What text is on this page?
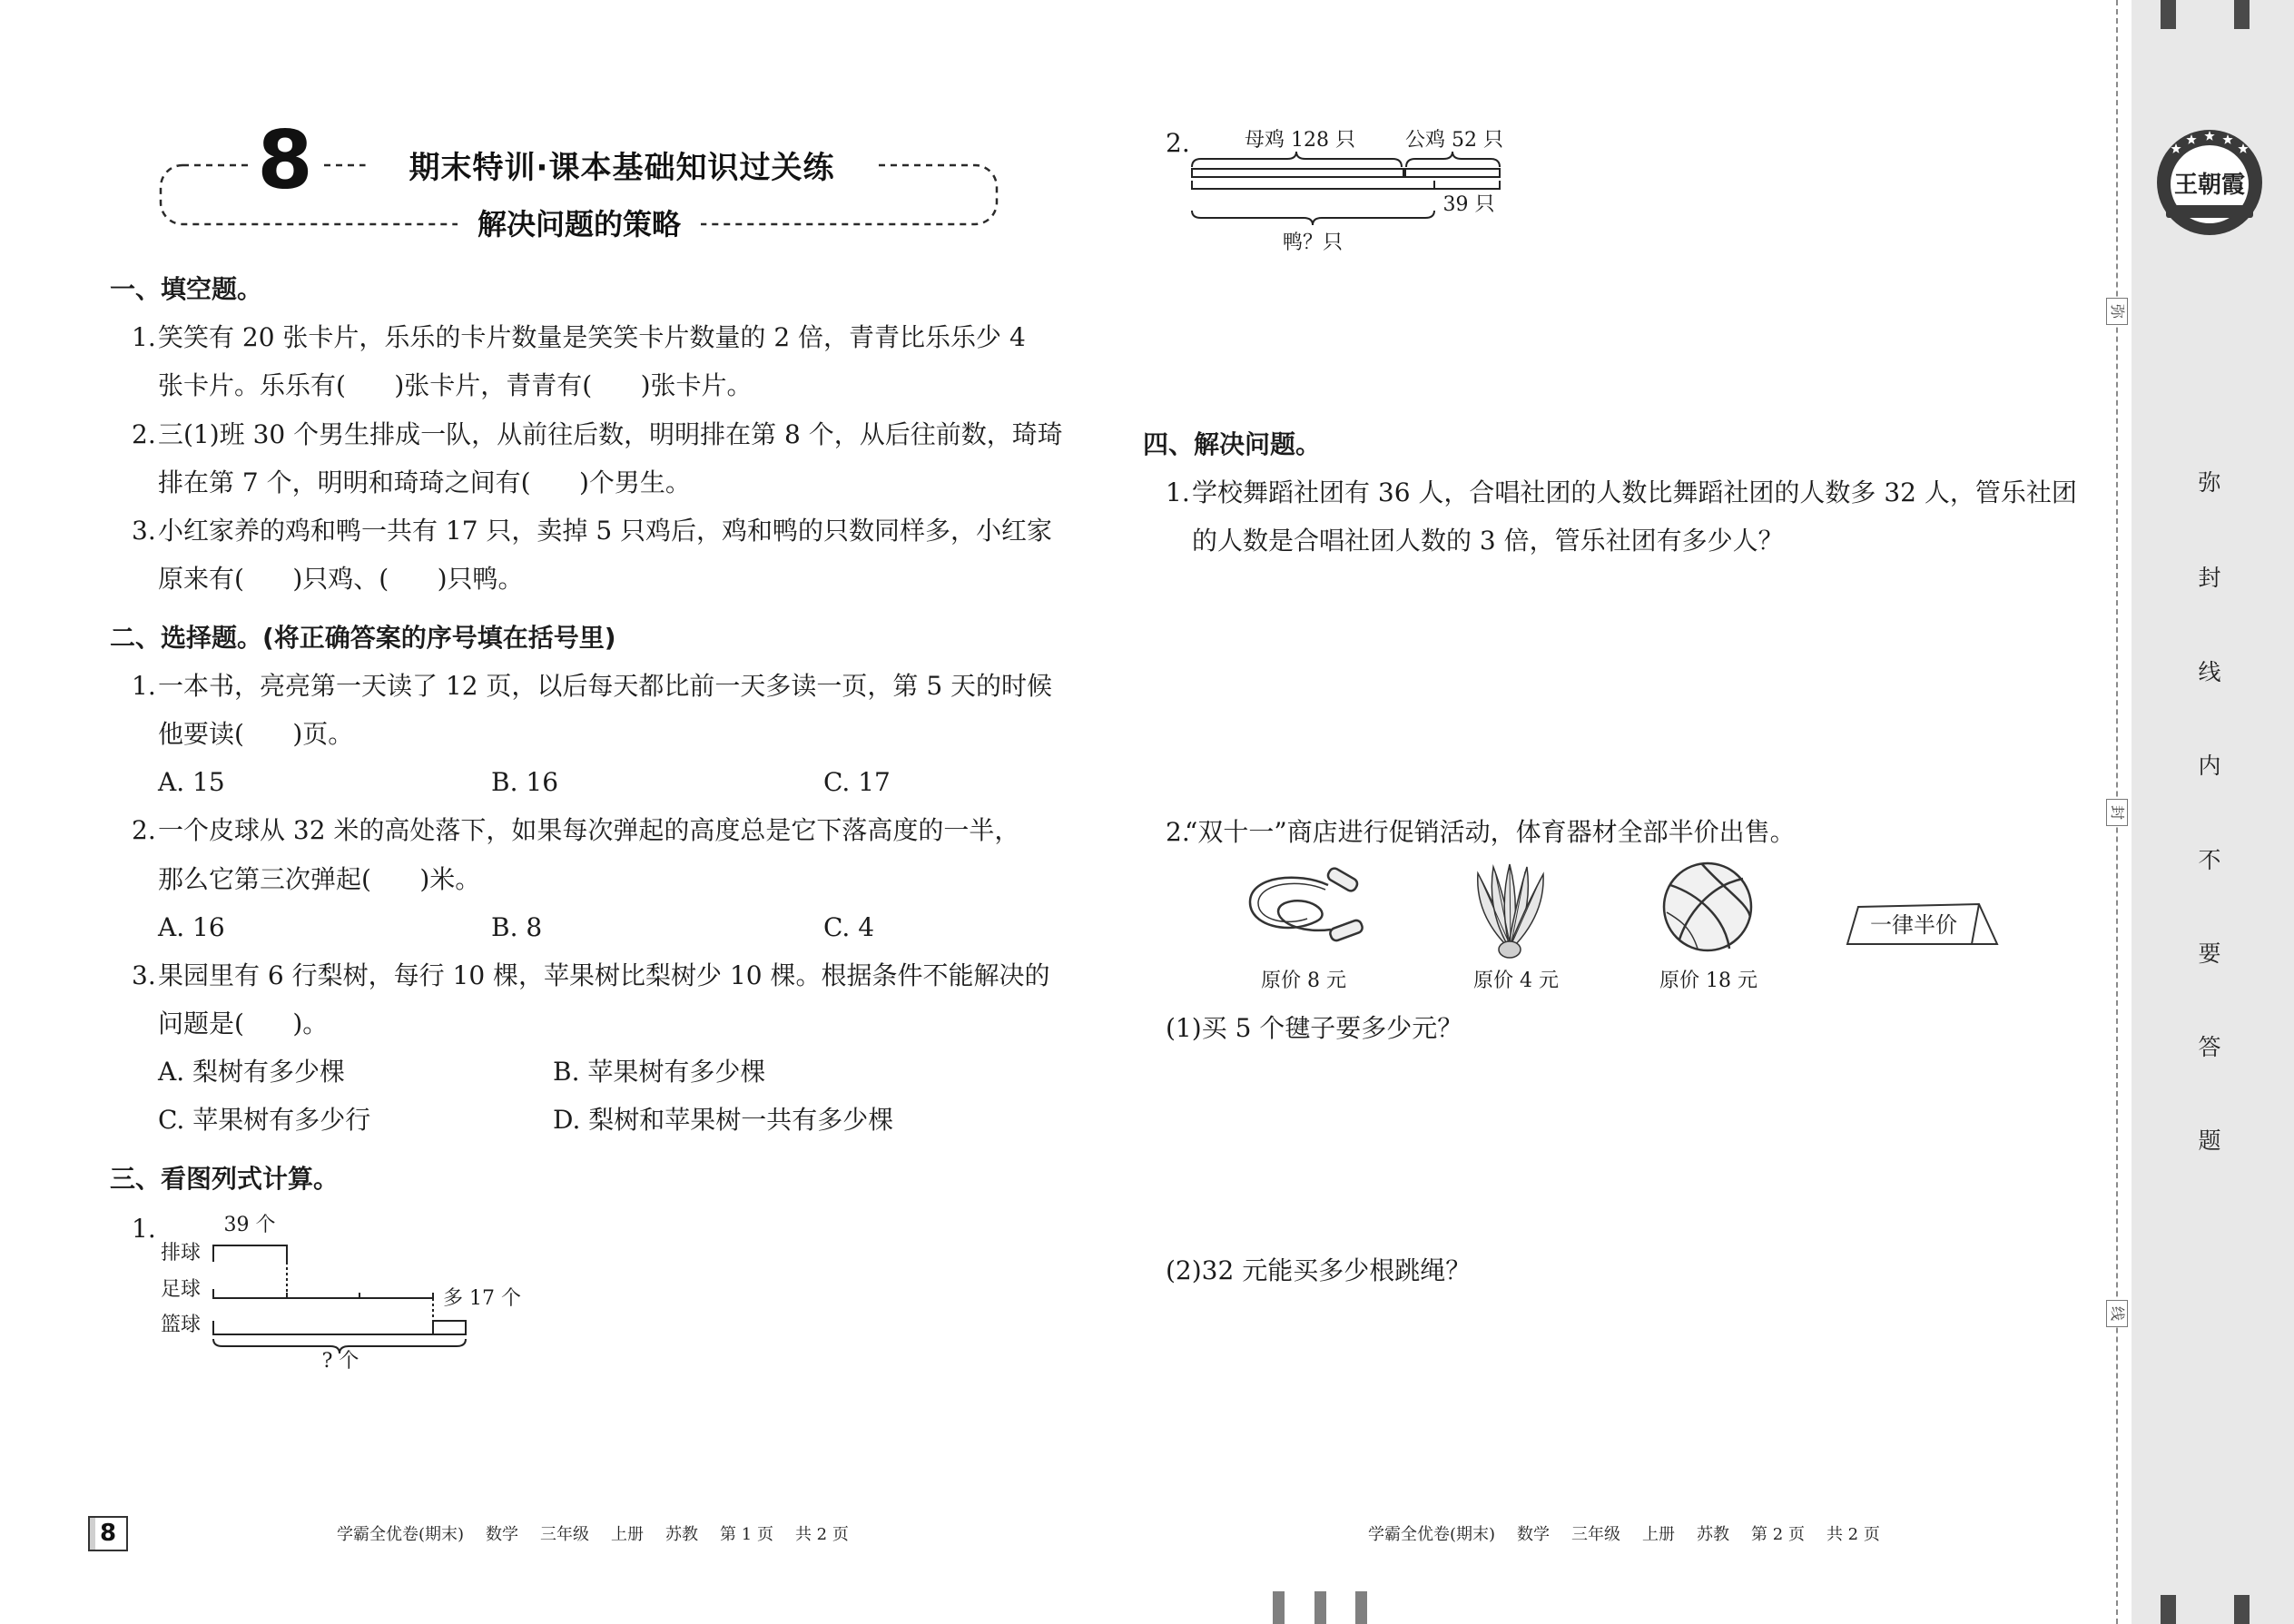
王朝霞
8	期末特训·课本基础知识过关练
解决问题的策略
一、填空题。
1. 笑笑有 20 张卡片，乐乐的卡片数量是笑笑卡片数量的 2 倍，青青比乐乐少 4
张卡片。乐乐有(      )张卡片，青青有(      )张卡片。
2. 三(1)班 30 个男生排成一队，从前往后数，明明排在第 8 个，从后往前数，琦琦
排在第 7 个，明明和琦琦之间有(      )个男生。
3. 小红家养的鸡和鸭一共有 17 只，卖掉 5 只鸡后，鸡和鸭的只数同样多，小红家
原来有(      )只鸡、(      )只鸭。
二、选择题。(将正确答案的序号填在括号里)
1. 一本书，亮亮第一天读了 12 页，以后每天都比前一天多读一页，第 5 天的时候
他要读(      )页。
A. 15	B. 16	C. 17
2. 一个皮球从 32 米的高处落下，如果每次弹起的高度总是它下落高度的一半，
那么它第三次弹起(      )米。
A. 16	B. 8	C. 4
3. 果园里有 6 行梨树，每行 10 棵，苹果树比梨树少 10 棵。根据条件不能解决的
问题是(      )。
A. 梨树有多少棵	B. 苹果树有多少棵
C. 苹果树有多少行	D. 梨树和苹果树一共有多少棵
三、看图列式计算。
1.	39 个
排球
足球
篮球
多 17 个
? 个
2.	母鸡 128 只	公鸡 52 只
39 只
鸭？只
四、解决问题。
1. 学校舞蹈社团有 36 人，合唱社团的人数比舞蹈社团的人数多 32 人，管乐社团
的人数是合唱社团人数的 3 倍，管乐社团有多少人？
2.
“双十一”商店进行促销活动，体育器材全部半价出售。
原价 8 元	原价 4 元	原价 18 元
一律半价
(1)买 5 个毽子要多少元？
(2)32 元能买多少根跳绳？
8	学霸全优卷(期末) 数学 三年级 上册 苏教 第 1 页 共 2 页	学霸全优卷(期末) 数学 三年级 上册 苏教 第 2 页 共 2 页
弥
封
线
内
不
要
答
题
弥
封
线
